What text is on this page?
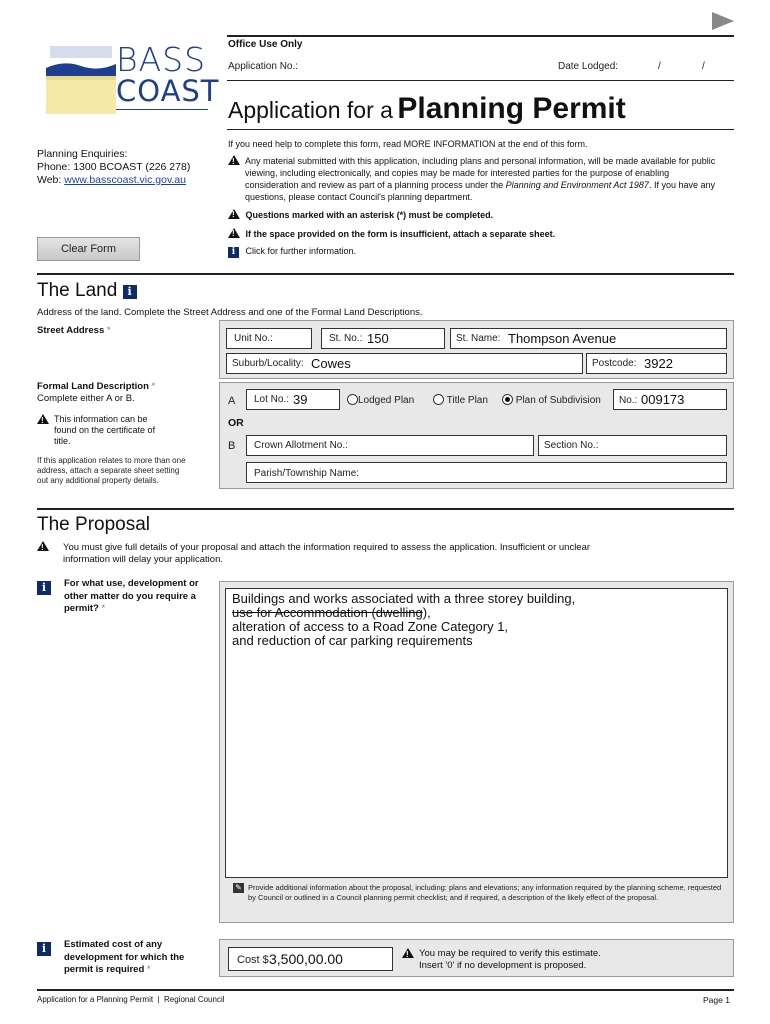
BASS
COAST
Office Use Only
Application No.:	Date Lodged:	/	/
Application for a Planning Permit
Planning Enquiries:
Phone: 1300 BCOAST (226 278)
Web: www.basscoast.vic.gov.au
If you need help to complete this form, read MORE INFORMATION at the end of this form.
!
Any material submitted with this application, including plans and personal information, will be made available for public viewing, including electronically, and copies may be made for interested parties for the purpose of enabling consideration and review as part of a planning process under the Planning and Environment Act 1987. If you have any questions, please contact Council's planning department.
! Questions marked with an asterisk (*) must be completed.
! If the space provided on the form is insufficient, attach a separate sheet.
i Click for further information.
Clear Form
The Land i
Address of the land. Complete the Street Address and one of the Formal Land Descriptions.
Street Address *
Unit No.:	St. No.: 150	St. Name: Thompson Avenue
Suburb/Locality: Cowes	Postcode: 3922
Formal Land Description *
Complete either A or B.
!
This information can be found on the certificate of title.
If this application relates to more than one address, attach a separate sheet setting out any additional property details.
A Lot No.: 39	Lodged Plan	Title Plan	Plan of Subdivision No.: 009173
OR
B Crown Allotment No.:	Section No.:
Parish/Township Name:
The Proposal
!
You must give full details of your proposal and attach the information required to assess the application. Insufficient or unclear information will delay your application.
i	For what use, development or other matter do you require a permit? *
Buildings and works associated with a three storey building,
use for Accommodation (dwelling),
alteration of access to a Road Zone Category 1,
and reduction of car parking requirements
✎ Provide additional information about the proposal, including: plans and elevations; any information required by the planning scheme, requested by Council or outlined in a Council planning permit checklist; and if required, a description of the likely effect of the proposal.
i	Estimated cost of any development for which the permit is required *
Cost $ 3,500,00.00
!	You may be required to verify this estimate.
Insert '0' if no development is proposed.
Application for a Planning Permit  |  Regional Council	Page 1
